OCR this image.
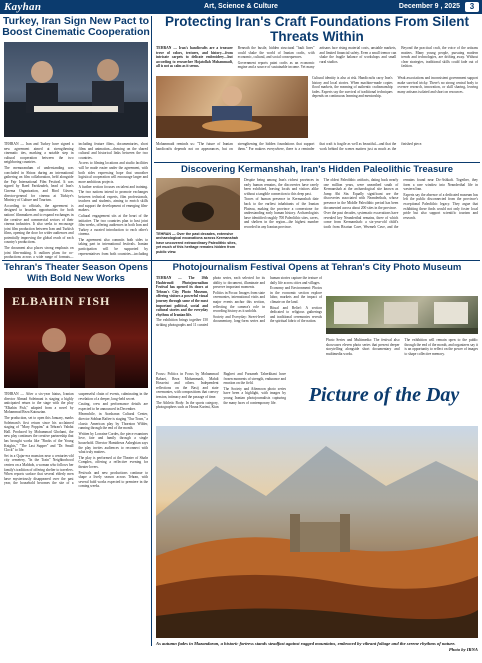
Kayhan	Art, Science & Culture	December 9 , 2025	3
Turkey, Iran Sign New Pact to Boost Cinematic Cooperation

TEHRAN — Iran and Turkey have signed a new agreement aimed at strengthening cinematic ties, marking a notable step in cultural cooperation between the two neighboring countries.

The memorandum of understanding was concluded in Shiraz during an international gathering on film collaboration, held alongside the Fajr International Film Festival. It was signed by Raed Faridzadeh, head of Iran's Cinema Organization, and Birol Güven, director-general for cinema at Türkiye's Ministry of Culture and Tourism.

According to officials, the agreement is designed to broaden opportunities for both nations' filmmakers and to expand exchanges in the creative and commercial sectors of their cinema industries. It also seeks to encourage joint film production between Iran and Turkish films, opening the door for wider audiences and potentially improving the global reach of each country's productions.

The document also places strong emphasis on joint film-making. It outlines plans for co-productions across a wide range of formats—including feature films, documentaries, short films and animation—drawing on the shared cultural and historical links between the two countries.

Access to filming locations and studio facilities will be made easier under the agreement, with both sides expressing hope that smoother logistical cooperation will encourage larger and more ambitious projects.

A further section focuses on talent and training. The two nations intend to promote exchanges between technical experts, film professionals, teachers and students, aiming to enrich skills and support the development of emerging film-makers.

Cultural engagement sits at the heart of the initiative. The two countries plan to host joint film weeks, offering audiences in both Iran and Turkey a curated introduction to each other's cinema.

The agreement also commits both sides to taking part in international festivals. Iranian participation will be supported by representatives from both countries—including

Protecting Iran's Craft Foundations From Silent Threats Within

TEHRAN — Iran's handicrafts are a treasure trove of colors, textures, and history—from intricate carpets to delicate embroidery—but according to researcher Hojatollah Mohammadi, all is not as calm as it seems.

Beneath the bustle, hidden structural "fault lines" could shake the world of Iranian crafts, with economic, cultural, and social consequences.

Government reports paint crafts as an economic engine and a source of sustainable income. Yet many artisans face rising material costs, unstable markets, and limited financial safety. Even a small tremor can shake the fragile balance of workshops and small rural studios.

Beyond the practical craft, the voice of the artisans matters. Many young people, pursuing modern trends and technologies, are drifting away. Without clear strategies, traditional skills could fade out of fashion.

Cultural identity is also at risk. Handicrafts carry Iran's history and local stories. When machine-made copies flood markets, the meaning of authentic craftsmanship fades. Experts say the survival of traditional techniques depends on continuous learning and mentorship.

Weak associations and inconsistent government support make survival tricky. There's no strong central body to oversee research, innovation, or skill sharing, leaving many artisans isolated and short on resources.

Mohammadi reminds us: "The future of Iranian handicrafts depends not on appearances, but on strengthening the hidden foundations that support them." For makers everywhere, there is a reminder that craft is fragile as well as beautiful—and that the work behind the scenes matters just as much as the finished piece.

Discovering Kermanshah, Iran's Hidden Paleolithic Treasure
TEHRAN — Over the past decades, extensive archaeological excavations across Kermanshah have uncovered extraordinary Paleolithic sites, yet much of this heritage remains hidden from public view.

Despite being among Iran's richest provinces in early human remains, the discoveries have rarely been exhibited, leaving locals and visitors alike without a tangible connection to this deep past.

Traces of human presence in Kermanshah date back to the earliest inhabitants of the Iranian Plateau, making the province a cornerstone for understanding early human history. Archaeologists have identified roughly 700 Paleolithic sites, caves, and shelters in the region—the highest number recorded in any Iranian province.

The oldest Paleolithic artifacts, dating back nearly one million years, were unearthed south of Kermanshah at the archaeological site known as Jump Abi Sin. Equally significant are the discoveries associated with Neanderthals, whose presence in the Middle Paleolithic period has been documented across about 200 sites in the province.

Over the past decades, systematic excavations have revealed key Neanderthal remains, three of which come from Kermanshah: a six-year-old child's tooth from Bisotun Cave, Wezmeh Cave, and the remains found near Do-Ashkaft. Together, they form a rare window into Neanderthal life in western Iran.

Experts say the absence of a dedicated museum has left the public disconnected from the province's exceptional Paleolithic legacy. They argue that exhibiting these finds would not only foster local pride but also support scientific tourism and research.

Photojournalism Festival Opens at Tehran's City Photo Museum

TEHRAN — The 10th Hashtroudi Photojournalism Festival has opened its doors at Tehran's City Photo Museum, offering visitors a powerful visual journey through some of the most important political, social and cultural stories and the everyday rhythms of Iranian life.

The exhibition brings together 150 striking photographs and 11 curated photo series, each selected for its ability to document, illuminate and preserve important moments.

Politics in Focus: Images from state ceremonies, international visits and major events anchor this section, reflecting the camera's role in recording history as it unfolds.

Society and Everyday: Street-level documentary, long-form series and human stories capture the texture of daily life across cities and villages.

Economy and Environment: Photos in the economic section explore labor, markets and the impact of climate on the land.

Ritual and Belief: A section dedicated to religious gatherings and traditional ceremonies reveals the spiritual fabric of the nation.

Photo Series and Multimedia: The festival also showcases eleven photo series that present deeper storytelling alongside short documentary and multimedia works.

The exhibition will remain open to the public through the end of the month, and organizers say it is an opportunity to reflect on the power of images to shape collective memory.

Tehran's Theater Season Opens With Bold New Works
ELBAHIN FISH

TEHRAN — After a six-year hiatus, Iranian director Ahmad Soleimani is staging a highly anticipated return to the stage with the play "Elbahin Fish," adapted from a novel by Mohammad Reza Katouzian.

The production, set to open this January, marks Soleimani's first return since his acclaimed staging of "Mary Poppins" at Tehran's Vahdat Hall. Produced by Mohammad Gholami, the new play continues the creative partnership that has brought works like "Books of the Young Knights," "The Last Supper" and "Dr. Small Clock" to life.

Set in a Qajar-era mansion near a centuries-old city cemetery, "In the Train" Neighborhood centers on a Mahbob, a woman who follows her family's tradition of offering shelter to travelers. When reports surface that several elderly men have mysteriously disappeared over the past year, the household becomes the site of a suspenseful chain of events, culminating in the revelation of a deeper, long-held secret.

Casting, crew and performance details are expected to be announced in December.

Meanwhile, in Arasbaran Cultural Center, director Sobhan Rafiee is staging "Our Town," a classic American play by Thornton Wilder, running through the end of the month.

Written by Lorraine Cordes, the piece examines love, fate and family through a single household. Director Hamidreza Asheghian says the play invites audiences to reconnect with what truly matters.

The play is performed at the Theater of Shahr Complex, offering a reflective evening for theater lovers.

Festivals and new productions continue to shape a lively season across Tehran, with several bold works expected to premiere in the coming weeks.

Focus: Politics in Focus by Mohammad Babaei, Reza Mohammadi, Mahdi Hosseini and others. Independent reflections on the Basij and state ceremonies, with compositions that convey tension, intimacy and the passage of time.

The Athletic Body: In the sports category, photographers such as Hosna Karimi, Kian Bagheri and Farzaneh Taherkhani have frozen moments of strength, endurance and emotion on the field.

The Society and Afternoon photo series have been a highlight, with images by young Iranian photojournalists capturing the many faces of contemporary life.	Picture of the Day
As autumn fades in Mazandaran, a historic fortress stands steadfast against rugged mountains, embraced by vibrant foliage and the serene rhythms of nature.
Photo by IRNA
